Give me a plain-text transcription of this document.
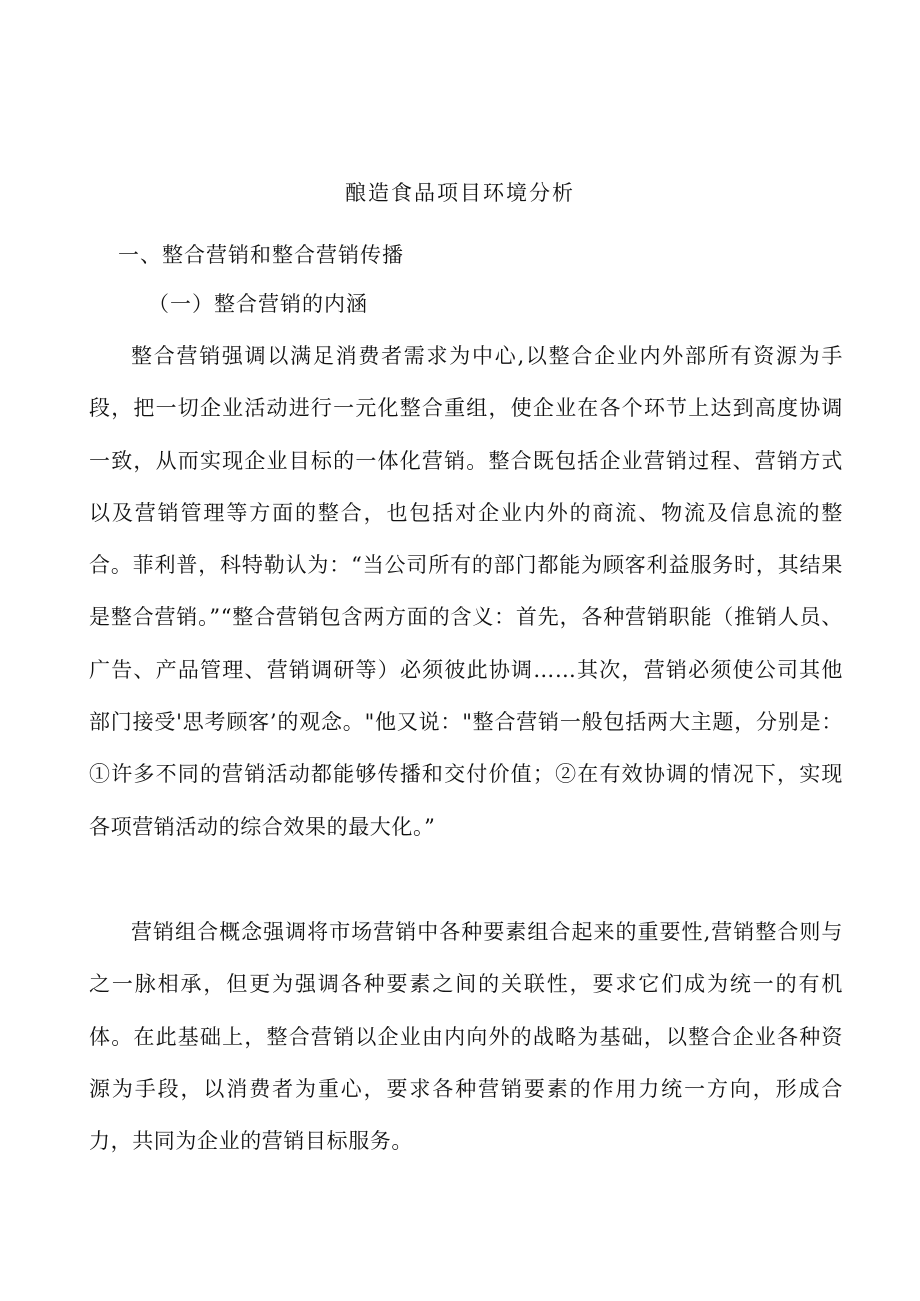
酿造食品项目环境分析
一、整合营销和整合营销传播
（一）整合营销的内涵

整合营销强调以满足消费者需求为中心,以整合企业内外部所有资源为手段，把一切企业活动进行一元化整合重组，使企业在各个环节上达到高度协调一致，从而实现企业目标的一体化营销。整合既包括企业营销过程、营销方式以及营销管理等方面的整合，也包括对企业内外的商流、物流及信息流的整合。菲利普，科特勒认为：“当公司所有的部门都能为顾客利益服务时，其结果是整合营销。”“整合营销包含两方面的含义：首先，各种营销职能（推销人员、广告、产品管理、营销调研等）必须彼此协调……其次，营销必须使公司其他部门接受'思考顾客’的观念。"他又说："整合营销一般包括两大主题，分别是：①许多不同的营销活动都能够传播和交付价值；②在有效协调的情况下，实现各项营销活动的综合效果的最大化。”

营销组合概念强调将市场营销中各种要素组合起来的重要性,营销整合则与之一脉相承，但更为强调各种要素之间的关联性，要求它们成为统一的有机体。在此基础上，整合营销以企业由内向外的战略为基础，以整合企业各种资源为手段，以消费者为重心，要求各种营销要素的作用力统一方向，形成合力，共同为企业的营销目标服务。
